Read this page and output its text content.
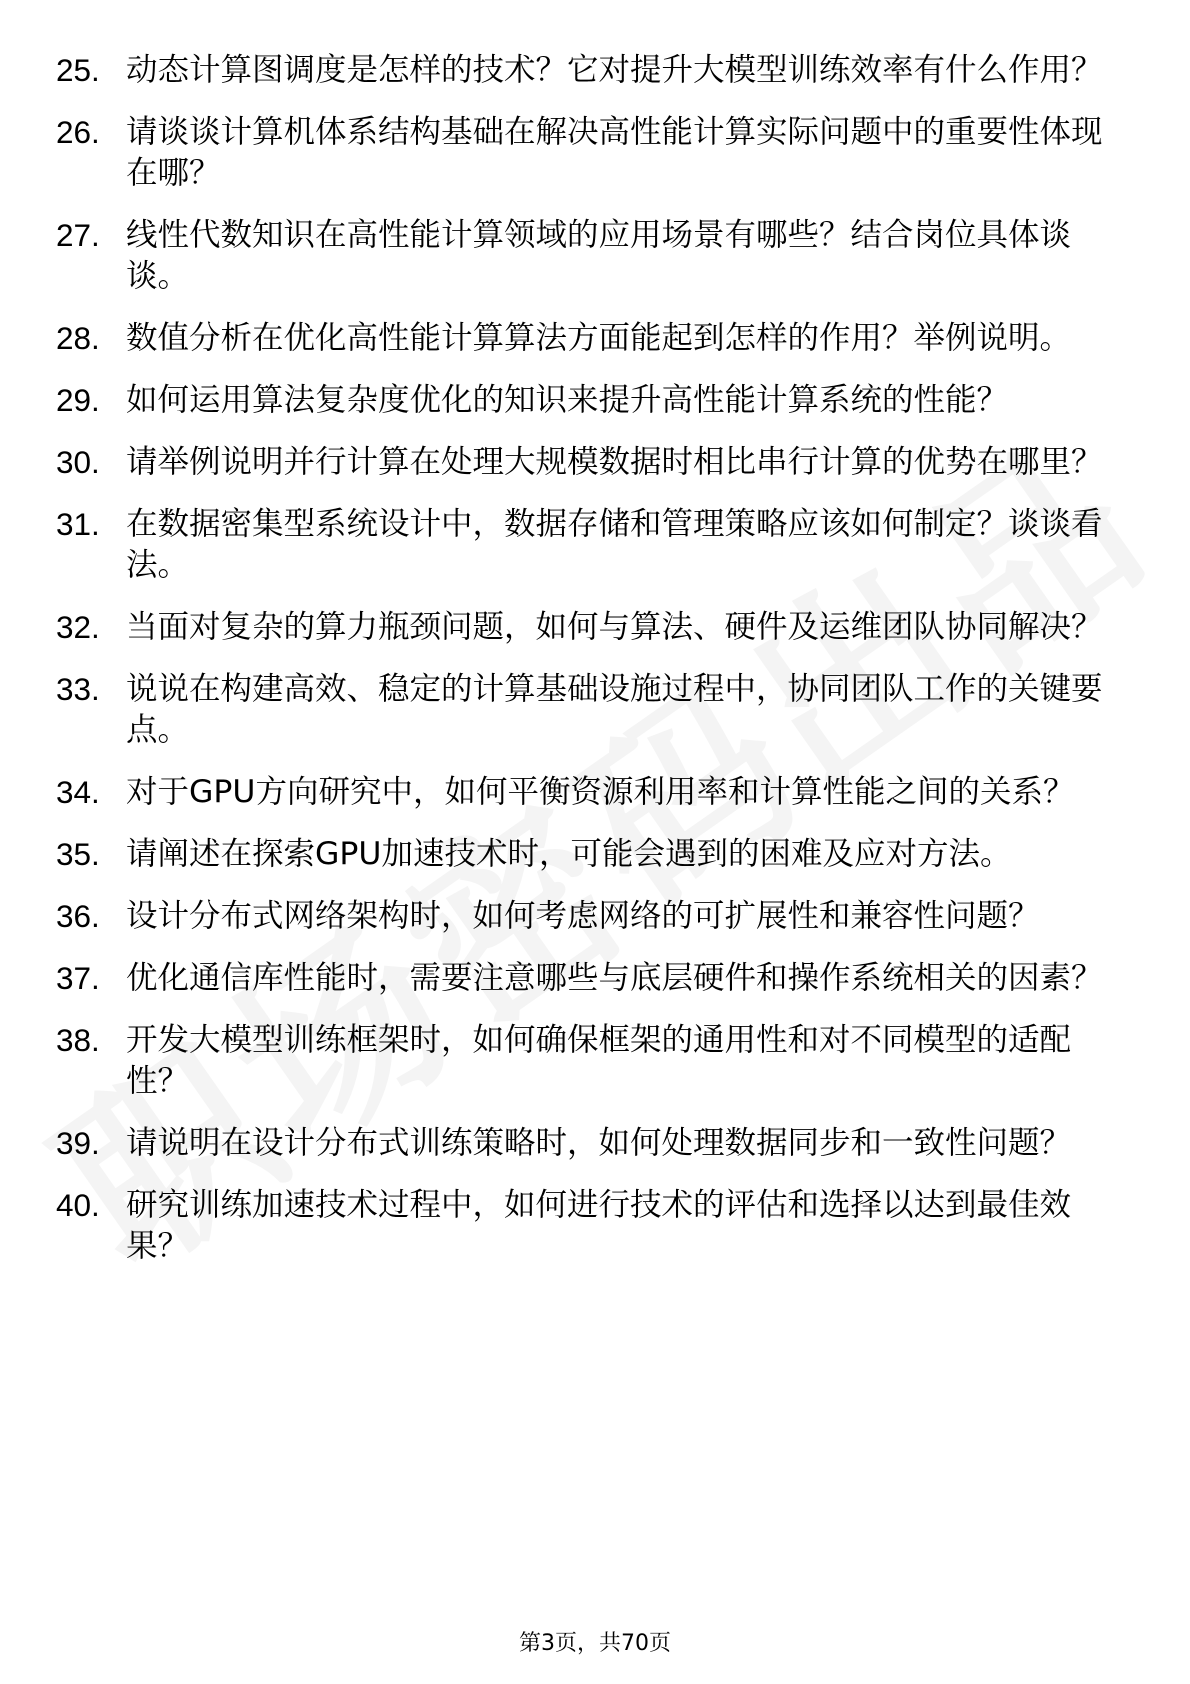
25. 动态计算图调度是怎样的技术？它对提升大模型训练效率有什么作用？
26. 请谈谈计算机体系结构基础在解决高性能计算实际问题中的重要性体现在哪？
27. 线性代数知识在高性能计算领域的应用场景有哪些？结合岗位具体谈谈。
28. 数值分析在优化高性能计算算法方面能起到怎样的作用？举例说明。
29. 如何运用算法复杂度优化的知识来提升高性能计算系统的性能？
30. 请举例说明并行计算在处理大规模数据时相比串行计算的优势在哪里？
31. 在数据密集型系统设计中，数据存储和管理策略应该如何制定？谈谈看法。
32. 当面对复杂的算力瓶颈问题，如何与算法、硬件及运维团队协同解决？
33. 说说在构建高效、稳定的计算基础设施过程中，协同团队工作的关键要点。
34. 对于GPU方向研究中，如何平衡资源利用率和计算性能之间的关系？
35. 请阐述在探索GPU加速技术时，可能会遇到的困难及应对方法。
36. 设计分布式网络架构时，如何考虑网络的可扩展性和兼容性问题？
37. 优化通信库性能时，需要注意哪些与底层硬件和操作系统相关的因素？
38. 开发大模型训练框架时，如何确保框架的通用性和对不同模型的适配性？
39. 请说明在设计分布式训练策略时，如何处理数据同步和一致性问题？
40. 研究训练加速技术过程中，如何进行技术的评估和选择以达到最佳效果？
第3页，共70页
